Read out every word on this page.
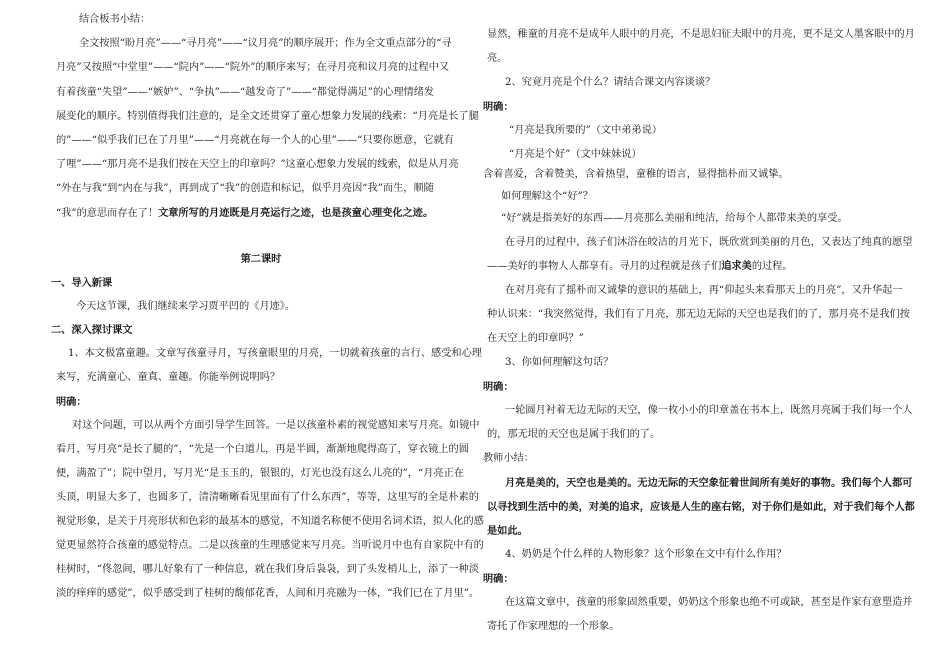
结合板书小结：
全文按照“盼月亮”——“寻月亮”——“议月亮”的顺序展开；作为全文重点部分的“寻
月亮”又按照“中堂里”——“院内”——“院外”的顺序来写；在寻月亮和议月亮的过程中又
有着孩童“失望”——“嫉妒”、“争执”——“越发奇了”——“都觉得满足”的心理情绪发
展变化的顺序。特别值得我们注意的，是全文还贯穿了童心想象力发展的线索：“月亮是长了腿
的”——“似乎我们已在了月里”——“月亮就在每一个人的心里”——“只要你愿意，它就有
了哩”——“那月亮不是我们按在天空上的印章吗？”这童心想象力发展的线索，似是从月亮
“外在与我”到“内在与我”，再到成了“我”的创造和标记，似乎月亮因“我”而生，顺随
“我”的意思而存在了！文章所写的月迹既是月亮运行之迹，也是孩童心理变化之迹。
第二课时
一、导入新课
今天这节课，我们继续来学习贾平凹的《月迹》。
二、深入探讨课文
1、本文极富童趣。文章写孩童寻月，写孩童眼里的月亮，一切就着孩童的言行、感受和心理
来写，充满童心、童真、童趣。你能举例说明吗？
明确：
对这个问题，可以从两个方面引导学生回答。一是以孩童朴素的视觉感知来写月亮。如镜中
看月，写月亮“是长了腿的”，“先是一个白道儿，再是半圆，渐渐地爬得高了，穿衣镜上的圆
便，满盈了”；院中望月，写月光“是玉玉的，银银的，灯光也没有这么儿亮的”，“月亮正在
头顶，明显大多了，也圆多了，清清晰晰看见里面有了什么东西”，等等，这里写的全是朴素的
视觉形象，是关于月亮形状和色彩的最基本的感觉，不知道名称便不使用名词术语，拟人化的感
觉更显然符合孩童的感觉特点。二是以孩童的生理感觉来写月亮。当听说月中也有自家院中有的
桂树时，“佟忽间，哪儿好象有了一种信息，就在我们身后袅袅，到了头发梢儿上，添了一种淡
淡的痒痒的感觉”，似乎感受到了桂树的馥郁花香，人间和月亮融为一体，“我们已在了月里”。
显然，稚童的月亮不是成年人眼中的月亮，不是思妇征夫眼中的月亮，更不是文人墨客眼中的月
亮。
2、究竟月亮是个什么？请结合课文内容谈谈？
明确：
“月亮是我所要的”（文中弟弟说）
“月亮是个好”（文中妹妹说）
含着喜爱，含着赞美，含着热望，童稚的语言，显得拙朴而又诚挚。
如何理解这个“好”？
“好”就是指美好的东西——月亮那么美丽和纯洁，给每个人都带来美的享受。
在寻月的过程中，孩子们沐浴在皎洁的月光下，既欣赏到美丽的月色，又表达了纯真的愿望
——美好的事物人人都享有。寻月的过程就是孩子们追求美的过程。
在对月亮有了摇朴而又诚挚的意识的基础上，再“仰起头来看那天上的月亮”，又升华起一
种认识来：“我突然觉得，我们有了月亮，那无边无际的天空也是我们的了，那月亮不是我们按
在天空上的印章吗？”
3、你如何理解这句话？
明确：
一轮圆月衬着无边无际的天空，像一枚小小的印章盖在书本上，既然月亮属于我们每一个人
的，那无垠的天空也是属于我们的了。
教师小结：
月亮是美的，天空也是美的。无边无际的天空象征着世间所有美好的事物。我们每个人都可
以寻找到生活中的美，对美的追求，应该是人生的座右铭，对于你们是如此，对于我们每个人都
是如此。
4、奶奶是个什么样的人物形象？这个形象在文中有什么作用？
明确：
在这篇文章中，孩童的形象固然重要，奶奶这个形象也绝不可或缺，甚至是作家有意塑造并
寄托了作家理想的一个形象。
